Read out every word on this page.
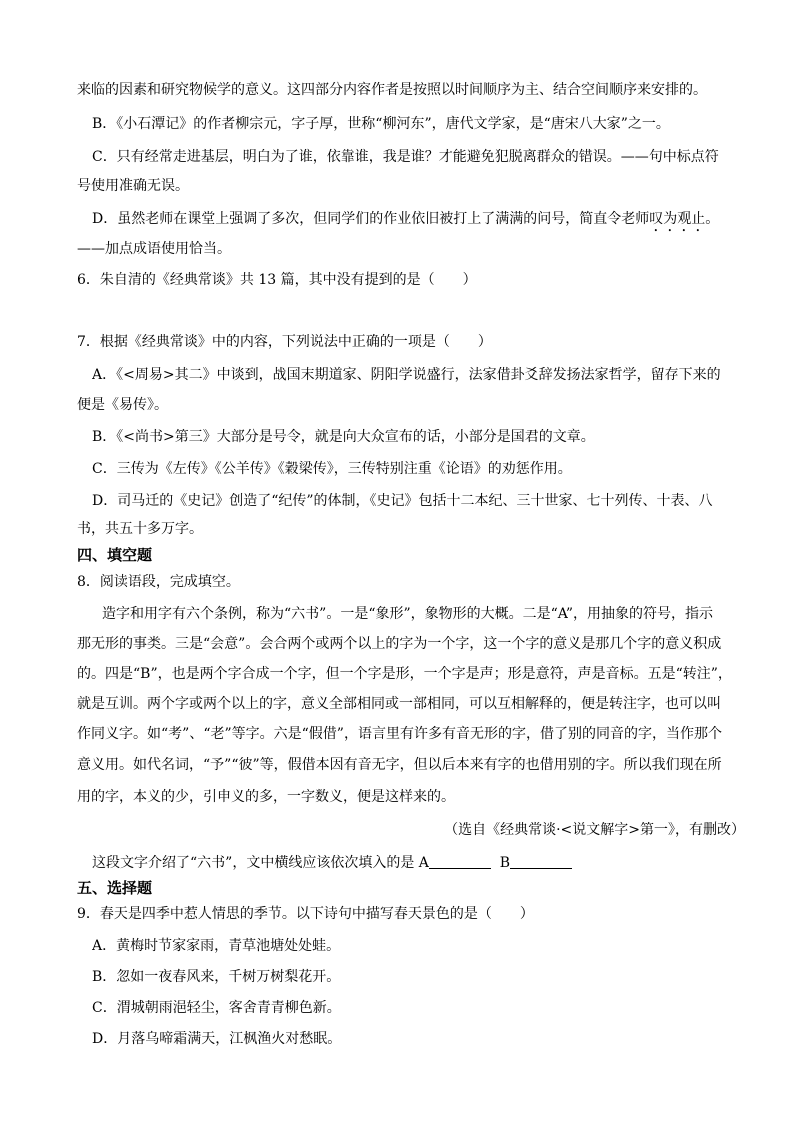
来临的因素和研究物候学的意义。这四部分内容作者是按照以时间顺序为主、结合空间顺序来安排的。
B．《小石潭记》的作者柳宗元，字子厚，世称“柳河东”，唐代文学家，是“唐宋八大家”之一。
C．只有经常走进基层，明白为了谁，依靠谁，我是谁？才能避免犯脱离群众的错误。——句中标点符
号使用准确无误。
D．虽然老师在课堂上强调了多次，但同学们的作业依旧被打上了满满的问号，简直令老师叹为观止。
——加点成语使用恰当。
6．朱自清的《经典常谈》共 13 篇，其中没有提到的是（　　）
7．根据《经典常谈》中的内容，下列说法中正确的一项是（　　）
A．《<周易>其二》中谈到，战国末期道家、阴阳学说盛行，法家借卦爻辞发扬法家哲学，留存下来的
便是《易传》。
B．《<尚书>第三》大部分是号令，就是向大众宣布的话，小部分是国君的文章。
C．三传为《左传》《公羊传》《穀梁传》，三传特别注重《论语》的劝惩作用。
D．司马迁的《史记》创造了“纪传”的体制，《史记》包括十二本纪、三十世家、七十列传、十表、八
书，共五十多万字。
四、填空题
8．阅读语段，完成填空。
造字和用字有六个条例，称为“六书”。一是“象形”，象物形的大概。二是“A”，用抽象的符号，指示
那无形的事类。三是“会意”。会合两个或两个以上的字为一个字，这一个字的意义是那几个字的意义积成
的。四是“B”，也是两个字合成一个字，但一个字是形，一个字是声；形是意符，声是音标。五是“转注”，
就是互训。两个字或两个以上的字，意义全部相同或一部相同，可以互相解释的，便是转注字，也可以叫
作同义字。如“考”、“老”等字。六是“假借”，语言里有许多有音无形的字，借了别的同音的字，当作那个
意义用。如代名词，“予”“彼”等，假借本因有音无字，但以后本来有字的也借用别的字。所以我们现在所
用的字，本义的少，引申义的多，一字数义，便是这样来的。
（选自《经典常谈·<说文解字>第一》，有删改）
这段文字介绍了“六书”，文中横线应该依次填入的是 A	B
五、选择题
9．春天是四季中惹人情思的季节。以下诗句中描写春天景色的是（　　）
A．黄梅时节家家雨，青草池塘处处蛙。
B．忽如一夜春风来，千树万树梨花开。
C．渭城朝雨浥轻尘，客舍青青柳色新。
D．月落乌啼霜满天，江枫渔火对愁眠。
